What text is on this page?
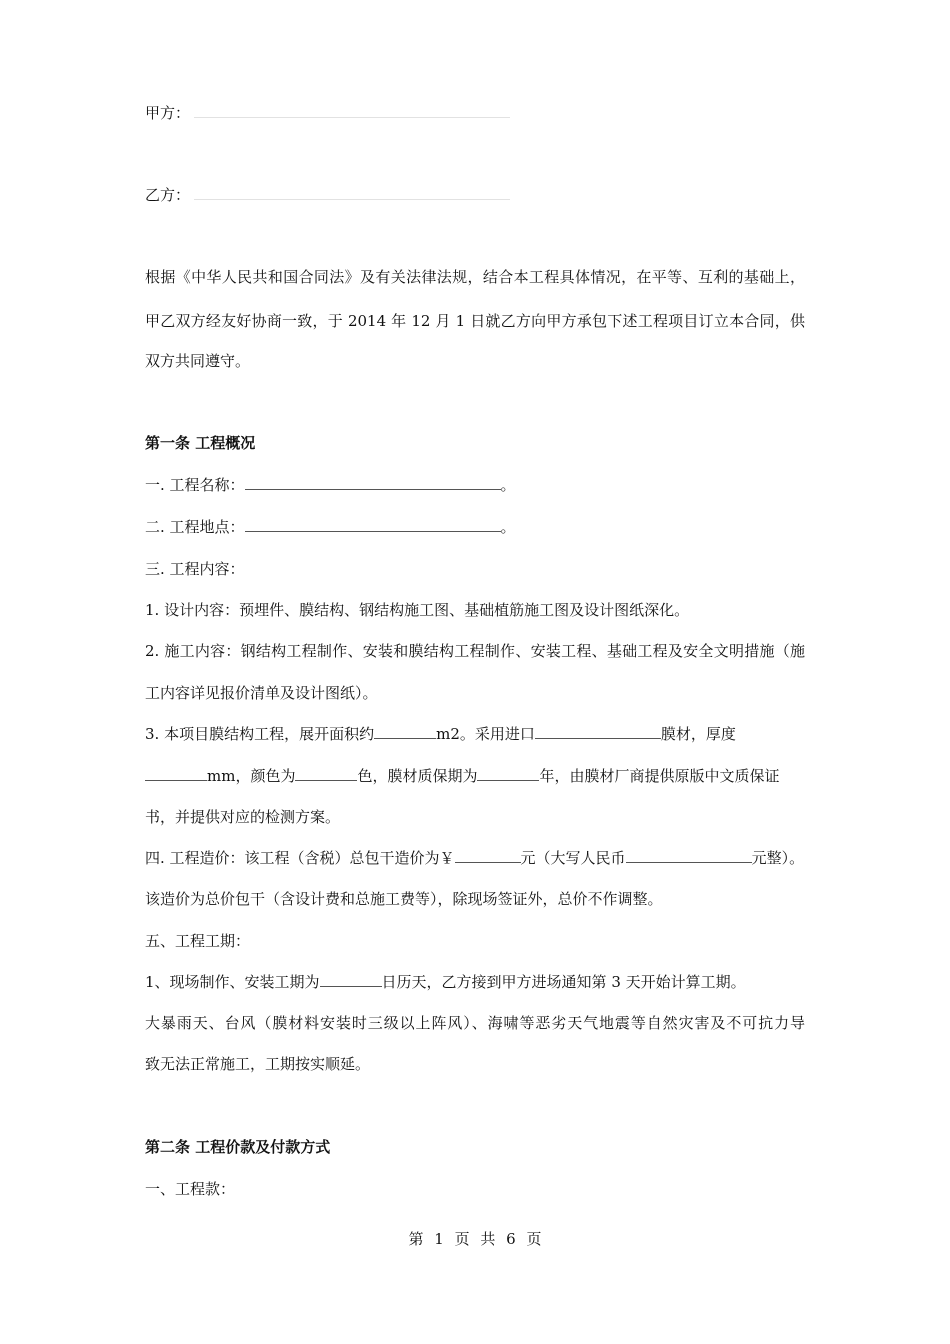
甲方：
乙方：
根据《中华人民共和国合同法》及有关法律法规，结合本工程具体情况，在平等、互利的基础上，
甲乙双方经友好协商一致，于 2014 年 12 月 1 日就乙方向甲方承包下述工程项目订立本合同，供
双方共同遵守。
第一条 工程概况
一. 工程名称：	。
二. 工程地点：	。
三. 工程内容：
1. 设计内容：预埋件、膜结构、钢结构施工图、基础植筋施工图及设计图纸深化。
2. 施工内容：钢结构工程制作、安装和膜结构工程制作、安装工程、基础工程及安全文明措施（施
工内容详见报价清单及设计图纸）。
3. 本项目膜结构工程，展开面积约	m2。采用进口	膜材，厚度
mm，颜色为	色，膜材质保期为	年，由膜材厂商提供原版中文质保证
书，并提供对应的检测方案。
四. 工程造价：该工程（含税）总包干造价为￥	元（大写人民币	元整）。
该造价为总价包干（含设计费和总施工费等），除现场签证外，总价不作调整。
五、工程工期：
1、现场制作、安装工期为	日历天，乙方接到甲方进场通知第 3 天开始计算工期。
大暴雨天、台风（膜材料安装时三级以上阵风）、海啸等恶劣天气地震等自然灾害及不可抗力导
致无法正常施工，工期按实顺延。
第二条 工程价款及付款方式
一、工程款：
第 1 页 共 6 页
